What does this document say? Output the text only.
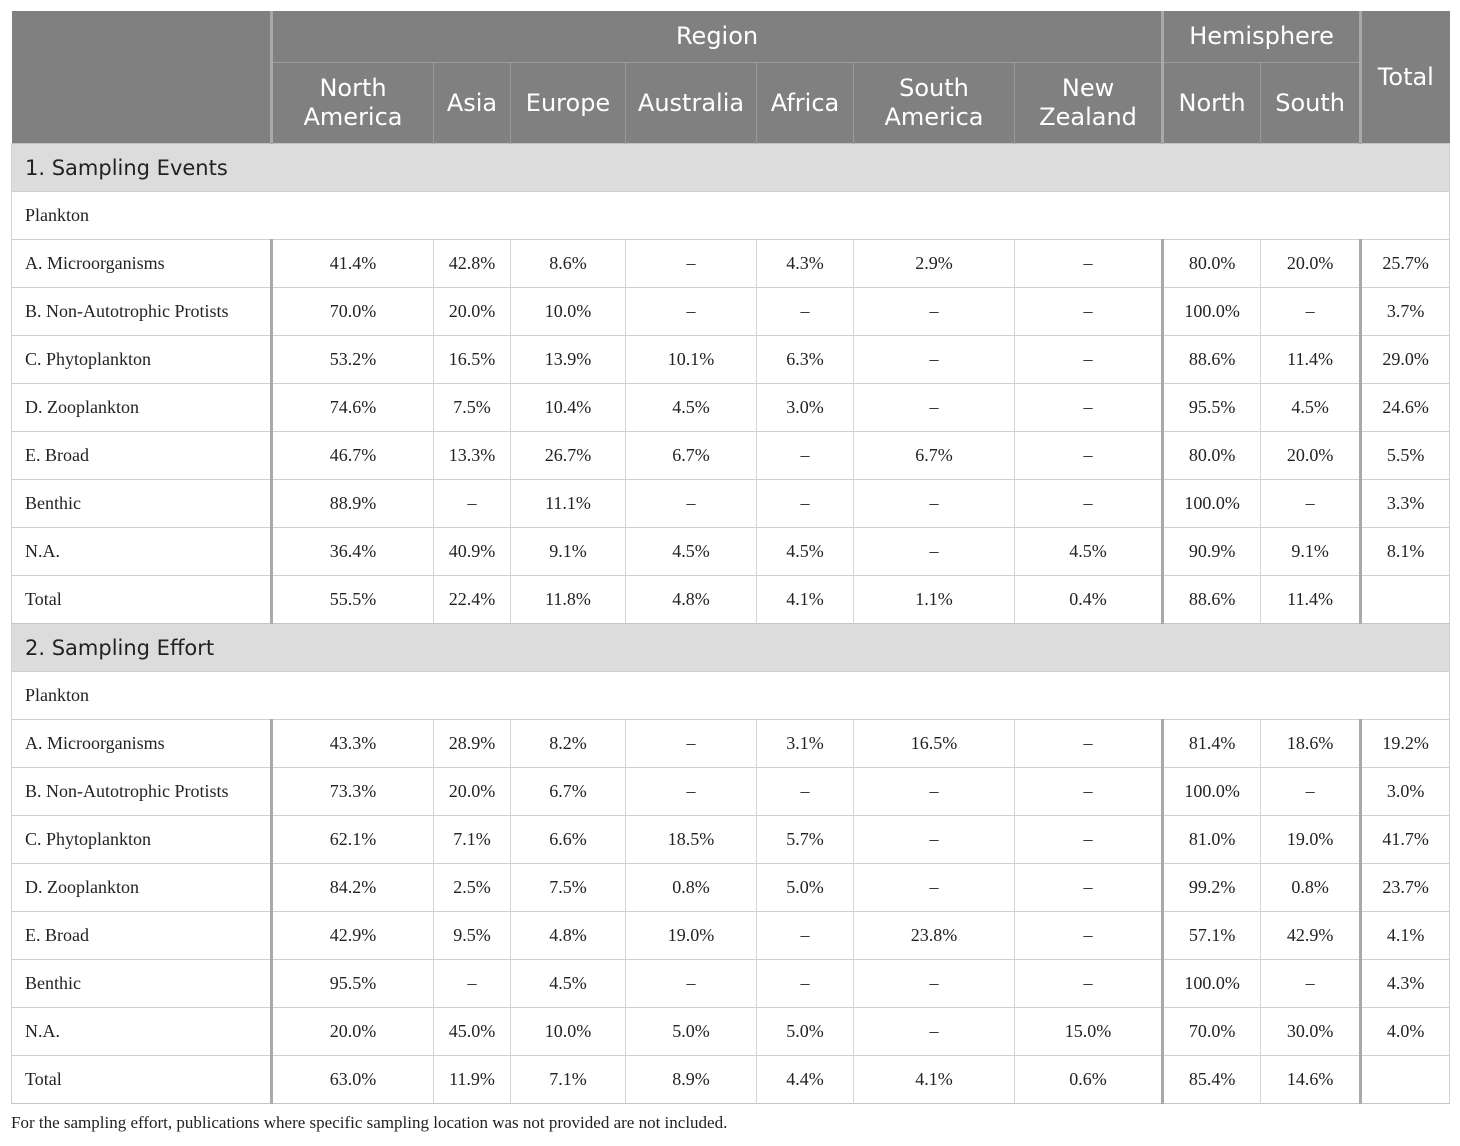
	Region							Hemisphere		Total
	North America	Asia	Europe	Australia	Africa	South America	New Zealand	North	South	
1. Sampling Events										
Plankton										
A. Microorganisms	41.4%	42.8%	8.6%	–	4.3%	2.9%	–	80.0%	20.0%	25.7%
B. Non-Autotrophic Protists	70.0%	20.0%	10.0%	–	–	–	–	100.0%	–	3.7%
C. Phytoplankton	53.2%	16.5%	13.9%	10.1%	6.3%	–	–	88.6%	11.4%	29.0%
D. Zooplankton	74.6%	7.5%	10.4%	4.5%	3.0%	–	–	95.5%	4.5%	24.6%
E. Broad	46.7%	13.3%	26.7%	6.7%	–	6.7%	–	80.0%	20.0%	5.5%
Benthic	88.9%	–	11.1%	–	–	–	–	100.0%	–	3.3%
N.A.	36.4%	40.9%	9.1%	4.5%	4.5%	–	4.5%	90.9%	9.1%	8.1%
Total	55.5%	22.4%	11.8%	4.8%	4.1%	1.1%	0.4%	88.6%	11.4%	
2. Sampling Effort										
Plankton										
A. Microorganisms	43.3%	28.9%	8.2%	–	3.1%	16.5%	–	81.4%	18.6%	19.2%
B. Non-Autotrophic Protists	73.3%	20.0%	6.7%	–	–	–	–	100.0%	–	3.0%
C. Phytoplankton	62.1%	7.1%	6.6%	18.5%	5.7%	–	–	81.0%	19.0%	41.7%
D. Zooplankton	84.2%	2.5%	7.5%	0.8%	5.0%	–	–	99.2%	0.8%	23.7%
E. Broad	42.9%	9.5%	4.8%	19.0%	–	23.8%	–	57.1%	42.9%	4.1%
Benthic	95.5%	–	4.5%	–	–	–	–	100.0%	–	4.3%
N.A.	20.0%	45.0%	10.0%	5.0%	5.0%	–	15.0%	70.0%	30.0%	4.0%
Total	63.0%	11.9%	7.1%	8.9%	4.4%	4.1%	0.6%	85.4%	14.6%	
For the sampling effort, publications where specific sampling location was not provided are not included.
